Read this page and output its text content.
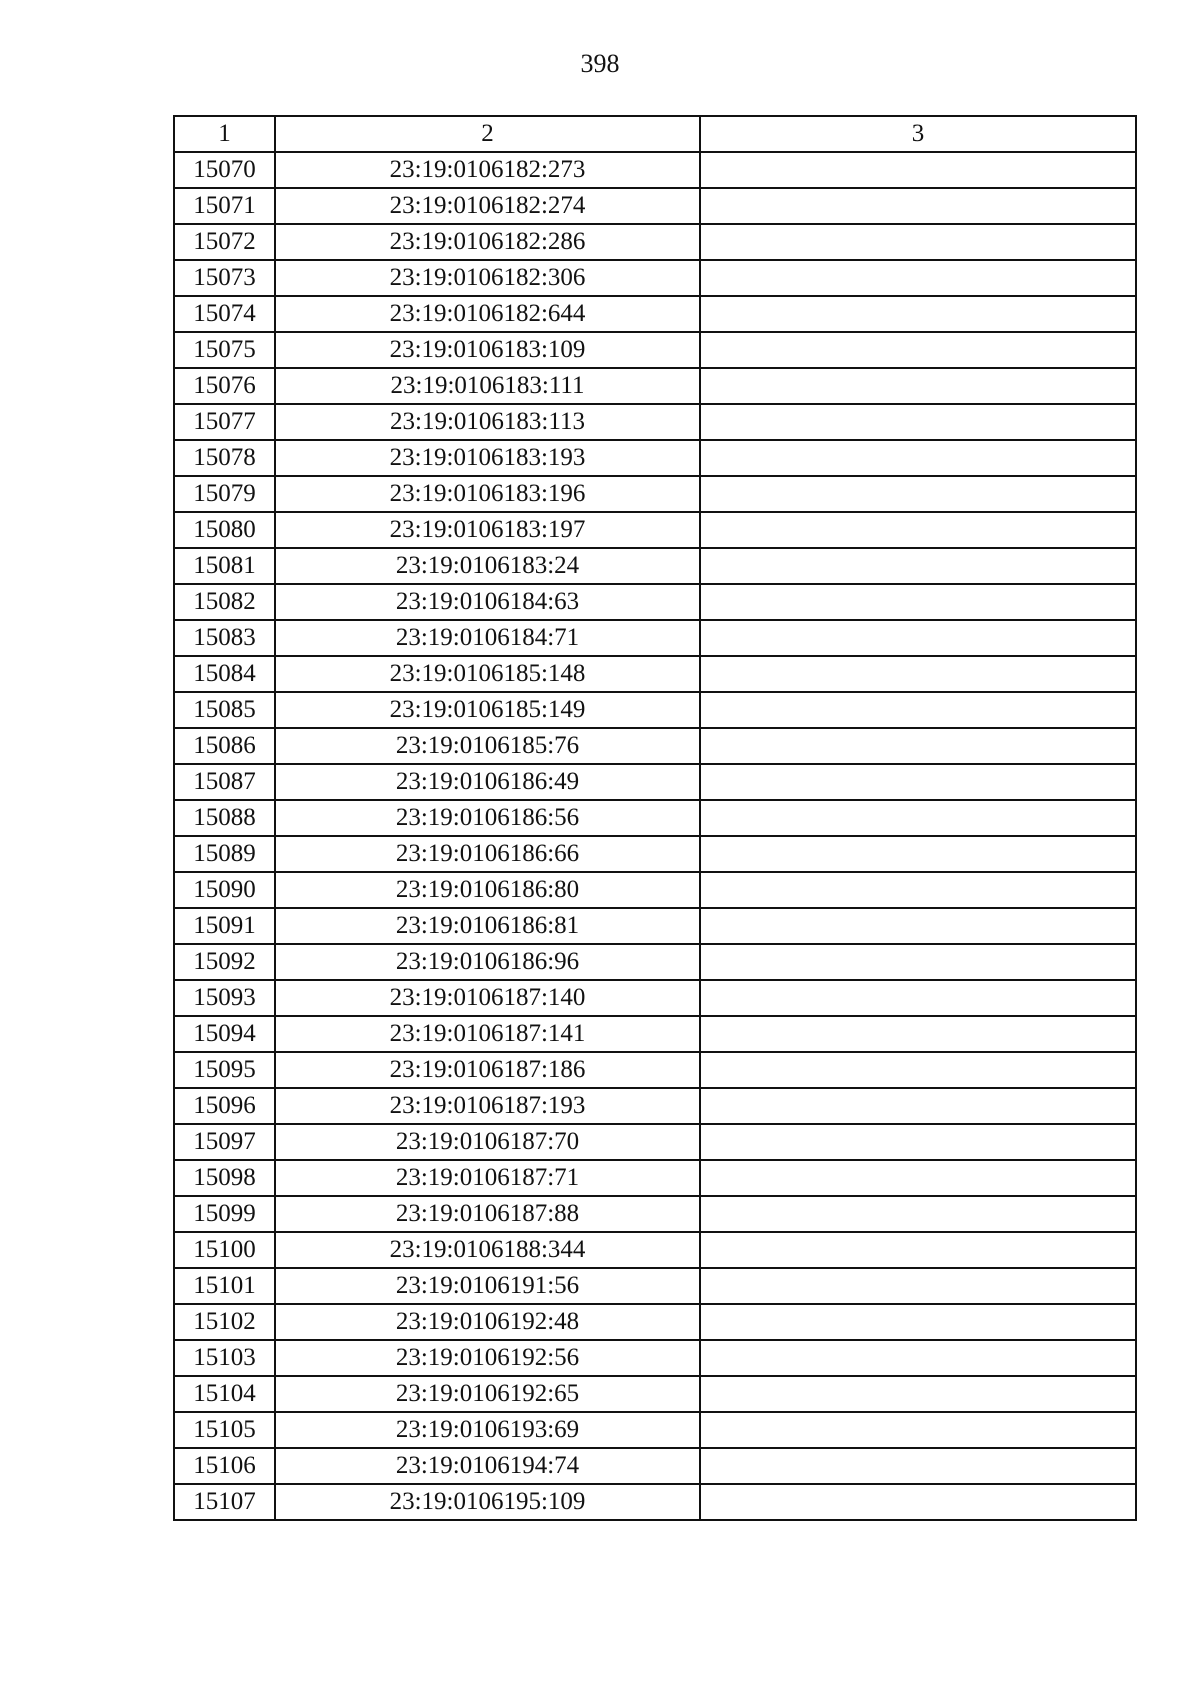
398
1	2	3
15070	23:19:0106182:273	
15071	23:19:0106182:274	
15072	23:19:0106182:286	
15073	23:19:0106182:306	
15074	23:19:0106182:644	
15075	23:19:0106183:109	
15076	23:19:0106183:111	
15077	23:19:0106183:113	
15078	23:19:0106183:193	
15079	23:19:0106183:196	
15080	23:19:0106183:197	
15081	23:19:0106183:24	
15082	23:19:0106184:63	
15083	23:19:0106184:71	
15084	23:19:0106185:148	
15085	23:19:0106185:149	
15086	23:19:0106185:76	
15087	23:19:0106186:49	
15088	23:19:0106186:56	
15089	23:19:0106186:66	
15090	23:19:0106186:80	
15091	23:19:0106186:81	
15092	23:19:0106186:96	
15093	23:19:0106187:140	
15094	23:19:0106187:141	
15095	23:19:0106187:186	
15096	23:19:0106187:193	
15097	23:19:0106187:70	
15098	23:19:0106187:71	
15099	23:19:0106187:88	
15100	23:19:0106188:344	
15101	23:19:0106191:56	
15102	23:19:0106192:48	
15103	23:19:0106192:56	
15104	23:19:0106192:65	
15105	23:19:0106193:69	
15106	23:19:0106194:74	
15107	23:19:0106195:109	
